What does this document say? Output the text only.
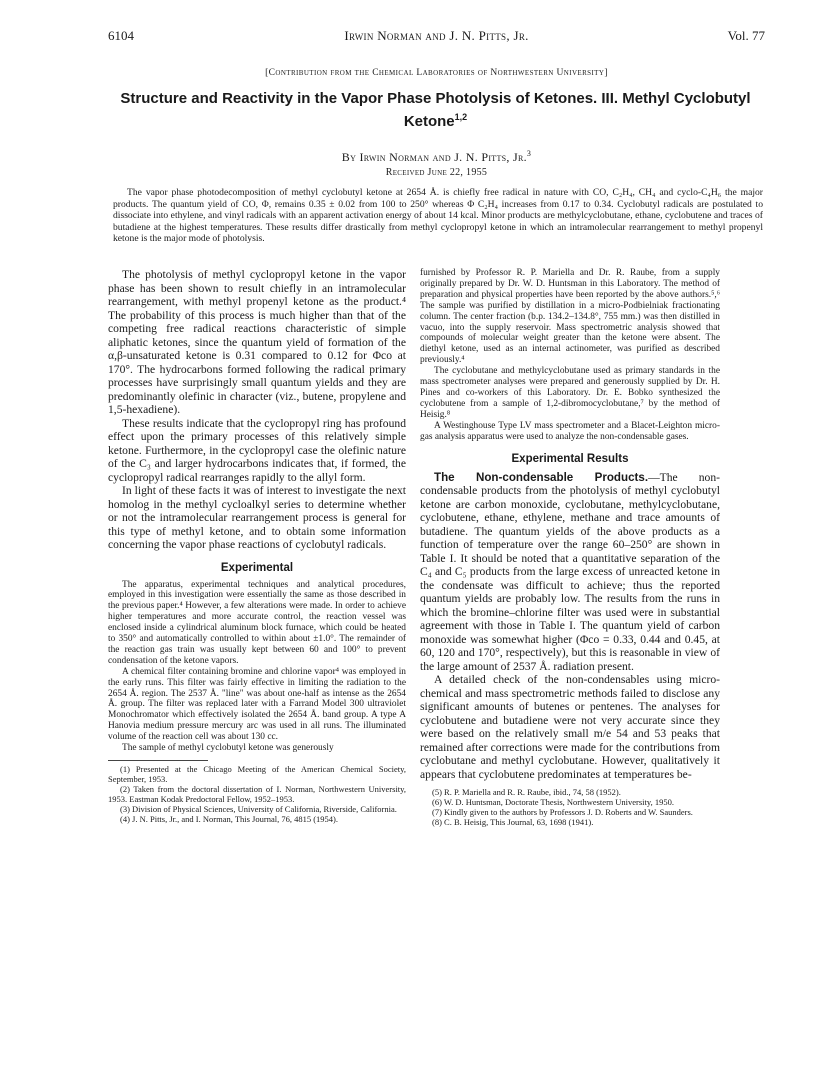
6104	Irwin Norman and J. N. Pitts, Jr.	Vol. 77
[Contribution from the Chemical Laboratories of Northwestern University]
Structure and Reactivity in the Vapor Phase Photolysis of Ketones. III. Methyl Cyclobutyl Ketone$^{1,2}$
By Irwin Norman and J. N. Pitts, Jr.$^3$
Received June 22, 1955
The vapor phase photodecomposition of methyl cyclobutyl ketone at 2654 Å. is chiefly free radical in nature with CO, C₂H₄, CH₄ and cyclo-C₄H₆ the major products. The quantum yield of CO, Φ, remains 0.35 ± 0.02 from 100 to 250° whereas Φ C₂H₄ increases from 0.17 to 0.34. Cyclobutyl radicals are postulated to dissociate into ethylene, and vinyl radicals with an apparent activation energy of about 14 kcal. Minor products are methylcyclobutane, ethane, cyclobutene and traces of butadiene at the highest temperatures. These results differ drastically from methyl cyclopropyl ketone in which an intramolecular rearrangement to methyl propenyl ketone is the major mode of photolysis.

The photolysis of methyl cyclopropyl ketone in the vapor phase has been shown to result chiefly in an intramolecular rearrangement, with methyl propenyl ketone as the product.⁴ The probability of this process is much higher than that of the competing free radical reactions characteristic of simple aliphatic ketones, since the quantum yield of formation of the α,β-unsaturated ketone is 0.31 compared to 0.12 for Φco at 170°. The hydrocarbons formed following the radical primary processes have surprisingly small quantum yields and they are predominantly olefinic in character (viz., butene, propylene and 1,5-hexadiene).

These results indicate that the cyclopropyl ring has profound effect upon the primary processes of this relatively simple ketone. Furthermore, in the cyclopropyl case the olefinic nature of the C₃ and larger hydrocarbons indicates that, if formed, the cyclopropyl radical rearranges rapidly to the allyl form.

In light of these facts it was of interest to investigate the next homolog in the methyl cycloalkyl series to determine whether or not the intramolecular rearrangement process is general for this type of methyl ketone, and to obtain some information concerning the vapor phase reactions of cyclobutyl radicals.

Experimental

The apparatus, experimental techniques and analytical procedures, employed in this investigation were essentially the same as those described in the previous paper.⁴ However, a few alterations were made. In order to achieve higher temperatures and more accurate control, the reaction vessel was enclosed inside a cylindrical aluminum block furnace, which could be heated to 350° and automatically controlled to within about ±1.0°. The remainder of the reaction gas train was usually kept between 60 and 100° to prevent condensation of the ketone vapors.

A chemical filter containing bromine and chlorine vapor⁴ was employed in the early runs. This filter was fairly effective in limiting the radiation to the 2654 Å. region. The 2537 Å. "line" was about one-half as intense as the 2654 Å. group. The filter was replaced later with a Farrand Model 300 ultraviolet Monochromator which effectively isolated the 2654 Å. band group. A type A Hanovia medium pressure mercury arc was used in all runs. The illuminated volume of the reaction cell was about 130 cc.

The sample of methyl cyclobutyl ketone was generously

(1) Presented at the Chicago Meeting of the American Chemical Society, September, 1953.

(2) Taken from the doctoral dissertation of I. Norman, Northwestern University, 1953. Eastman Kodak Predoctoral Fellow, 1952–1953.

(3) Division of Physical Sciences, University of California, Riverside, California.

(4) J. N. Pitts, Jr., and I. Norman, This Journal, 76, 4815 (1954).

furnished by Professor R. P. Mariella and Dr. R. Raube, from a supply originally prepared by Dr. W. D. Huntsman in this Laboratory. The method of preparation and physical properties have been reported by the above authors.⁵,⁶ The sample was purified by distillation in a micro-Podbielniak fractionating column. The center fraction (b.p. 134.2–134.8°, 755 mm.) was then distilled in vacuo, into the supply reservoir. Mass spectrometric analysis showed that compounds of molecular weight greater than the ketone were absent. The diethyl ketone, used as an internal actinometer, was purified as described previously.⁴

The cyclobutane and methylcyclobutane used as primary standards in the mass spectrometer analyses were prepared and generously supplied by Dr. H. Pines and co-workers of this Laboratory. Dr. E. Bobko synthesized the cyclobutene from a sample of 1,2-dibromocyclobutane,⁷ by the method of Heisig.⁸

A Westinghouse Type LV mass spectrometer and a Blacet-Leighton micro-gas analysis apparatus were used to analyze the non-condensable gases.

Experimental Results

The Non-condensable Products.—The non-condensable products from the photolysis of methyl cyclobutyl ketone are carbon monoxide, cyclobutane, methylcyclobutane, cyclobutene, ethane, ethylene, methane and trace amounts of butadiene. The quantum yields of the above products as a function of temperature over the range 60–250° are shown in Table I. It should be noted that a quantitative separation of the C₄ and C₅ products from the large excess of unreacted ketone in the condensate was difficult to achieve; thus the reported quantum yields are probably low. The results from the runs in which the bromine–chlorine filter was used were in substantial agreement with those in Table I. The quantum yield of carbon monoxide was somewhat higher (Φco = 0.33, 0.44 and 0.45, at 60, 120 and 170°, respectively), but this is reasonable in view of the large amount of 2537 Å. radiation present.

A detailed check of the non-condensables using micro-chemical and mass spectrometric methods failed to disclose any significant amounts of butenes or pentenes. The analyses for cyclobutene and butadiene were not very accurate since they were based on the relatively small m/e 54 and 53 peaks that remained after corrections were made for the contributions from cyclobutane and methyl cyclobutane. However, qualitatively it appears that cyclobutene predominates at temperatures be-

(5) R. P. Mariella and R. R. Raube, ibid., 74, 58 (1952).

(6) W. D. Huntsman, Doctorate Thesis, Northwestern University, 1950.

(7) Kindly given to the authors by Professors J. D. Roberts and W. Saunders.

(8) C. B. Heisig, This Journal, 63, 1698 (1941).
